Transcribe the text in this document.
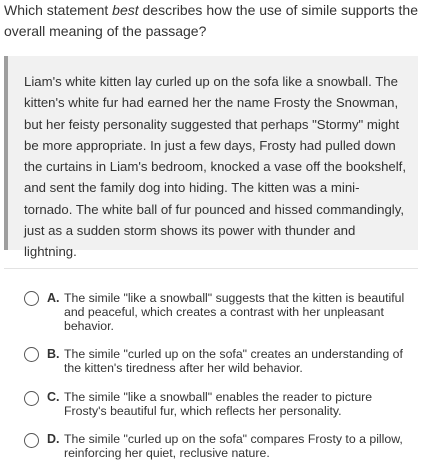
Which statement best describes how the use of simile supports the overall meaning of the passage?
Liam's white kitten lay curled up on the sofa like a snowball. The kitten's white fur had earned her the name Frosty the Snowman, but her feisty personality suggested that perhaps "Stormy" might be more appropriate. In just a few days, Frosty had pulled down the curtains in Liam's bedroom, knocked a vase off the bookshelf, and sent the family dog into hiding. The kitten was a mini-tornado. The white ball of fur pounced and hissed commandingly, just as a sudden storm shows its power with thunder and lightning.
A. The simile "like a snowball" suggests that the kitten is beautiful and peaceful, which creates a contrast with her unpleasant behavior.
B. The simile "curled up on the sofa" creates an understanding of the kitten's tiredness after her wild behavior.
C. The simile "like a snowball" enables the reader to picture Frosty's beautiful fur, which reflects her personality.
D. The simile "curled up on the sofa" compares Frosty to a pillow, reinforcing her quiet, reclusive nature.
